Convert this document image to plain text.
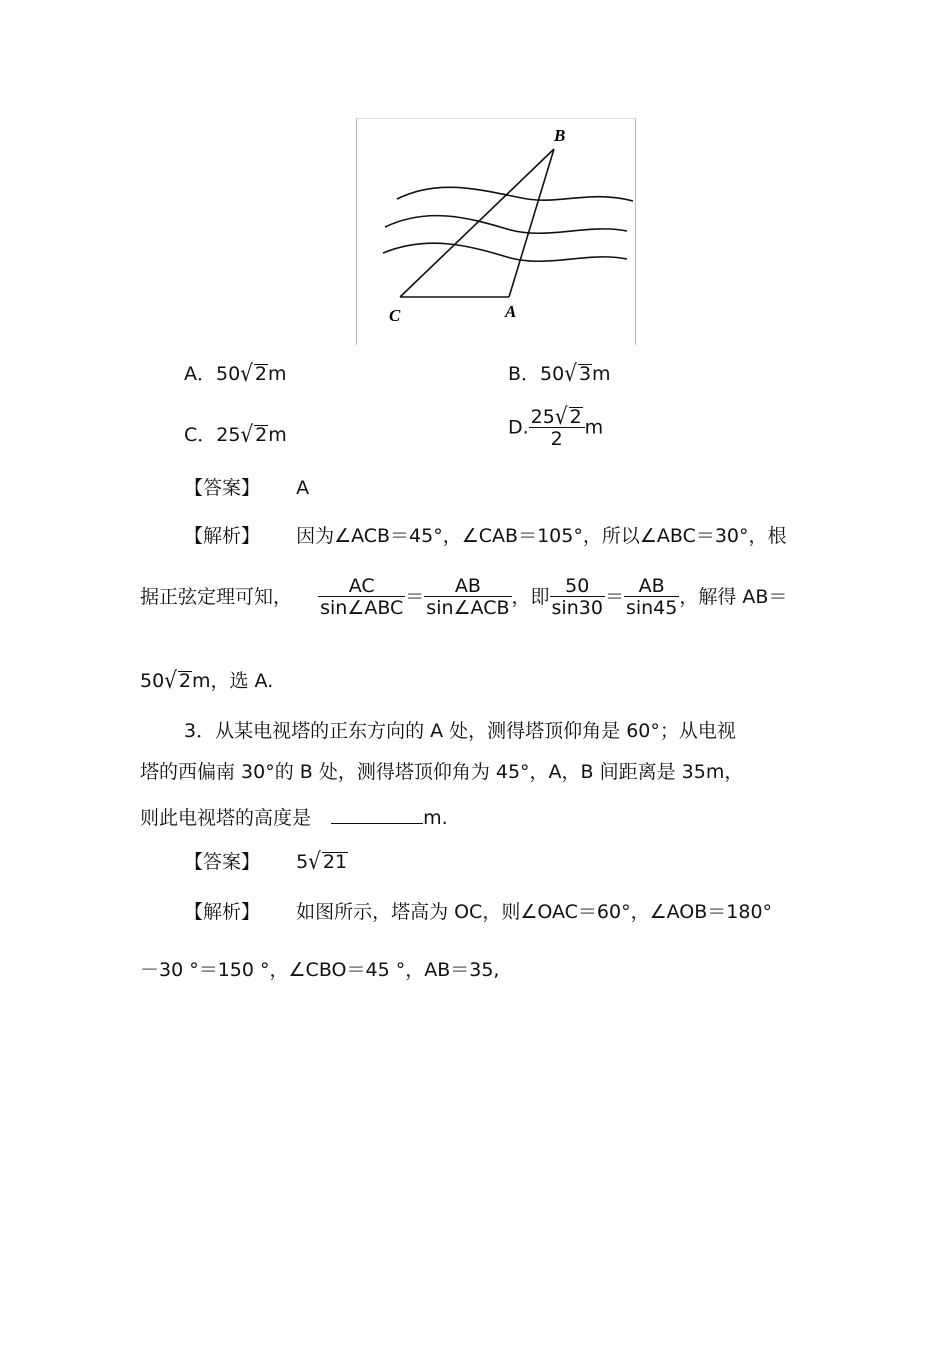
B
C	A
A．50√ 2m	B．50√ 3m
C．25√ 2m	D. $\frac{25√ 2}{2}$ m
【答案】 A
【解析】 因为∠ACB＝45°，∠CAB＝105°，所以∠ABC＝30°，根
据正弦定理可知， $\frac{AC}{\text{sin∠ABC}} = \frac{AB}{\text{sin∠ACB}}$ ，即 $\frac{50}{\sin 30} = \frac{AB}{\sin 45}$ ，解得 AB＝
50√ 2m，选 A.
3．从某电视塔的正东方向的 A 处，测得塔顶仰角是 60°；从电视
塔的西偏南 30°的 B 处，测得塔顶仰角为 45°，A，B 间距离是 35m，
则此电视塔的高度是	m.
【答案】 5√ 21
【解析】 如图所示，塔高为 OC，则∠OAC＝60°，∠AOB＝180°
－30 °＝150 °，∠CBO＝45 °，AB＝35,
